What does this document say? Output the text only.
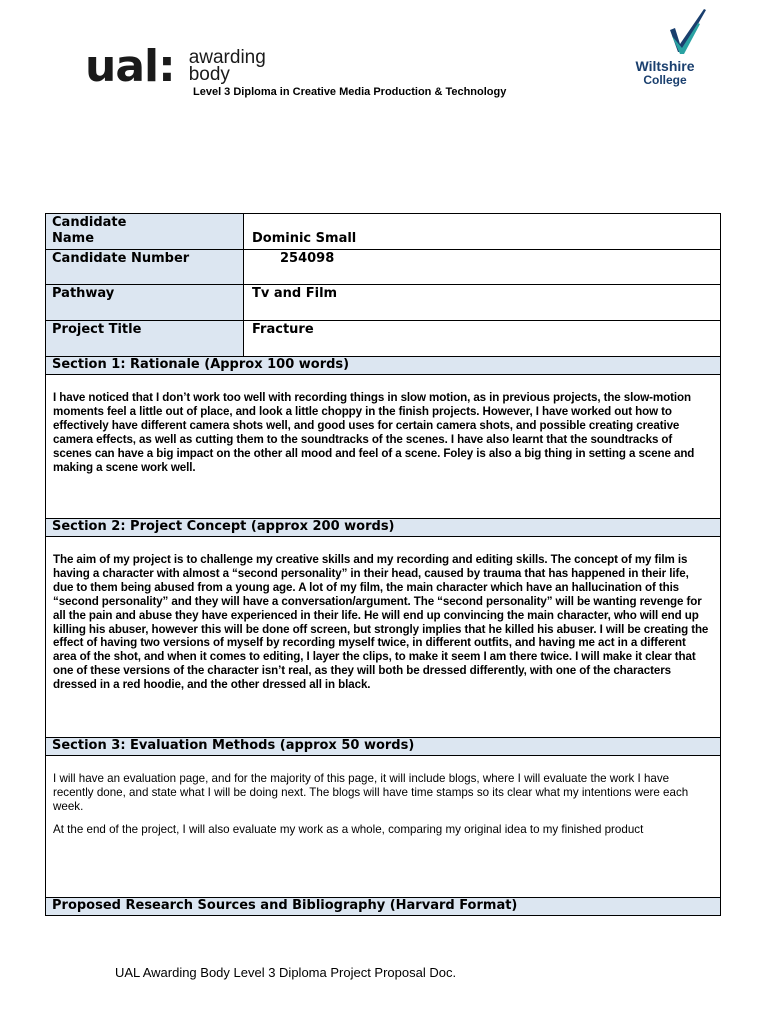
ual: awarding
body
Level 3 Diploma in Creative Media Production & Technology
Wiltshire
College
Candidate Name	Dominic Small
Candidate Number	254098
Pathway	Tv and Film
Project Title	Fracture
Section 1: Rationale (Approx 100 words)
I have noticed that I don’t work too well with recording things in slow motion, as in previous projects, the slow-motion moments feel a little out of place, and look a little choppy in the finish projects. However, I have worked out how to effectively have different camera shots well, and good uses for certain camera shots, and possible creating creative camera effects, as well as cutting them to the soundtracks of the scenes. I have also learnt that the soundtracks of scenes can have a big impact on the other all mood and feel of a scene. Foley is also a big thing in setting a scene and making a scene work well.
Section 2: Project Concept (approx 200 words)
The aim of my project is to challenge my creative skills and my recording and editing skills. The concept of my film is having a character with almost a “second personality” in their head, caused by trauma that has happened in their life, due to them being abused from a young age. A lot of my film, the main character which have an hallucination of this “second personality” and they will have a conversation/argument. The “second personality” will be wanting revenge for all the pain and abuse they have experienced in their life. He will end up convincing the main character, who will end up killing his abuser, however this will be done off screen, but strongly implies that he killed his abuser. I will be creating the effect of having two versions of myself by recording myself twice, in different outfits, and having me act in a different area of the shot, and when it comes to editing, I layer the clips, to make it seem I am there twice. I will make it clear that one of these versions of the character isn’t real, as they will both be dressed differently, with one of the characters dressed in a red hoodie, and the other dressed all in black.
Section 3: Evaluation Methods (approx 50 words)

I will have an evaluation page, and for the majority of this page, it will include blogs, where I will evaluate the work I have recently done, and state what I will be doing next. The blogs will have time stamps so its clear what my intentions were each week.

At the end of the project, I will also evaluate my work as a whole, comparing my original idea to my finished product

Proposed Research Sources and Bibliography (Harvard Format)
UAL Awarding Body Level 3 Diploma Project Proposal Doc.
